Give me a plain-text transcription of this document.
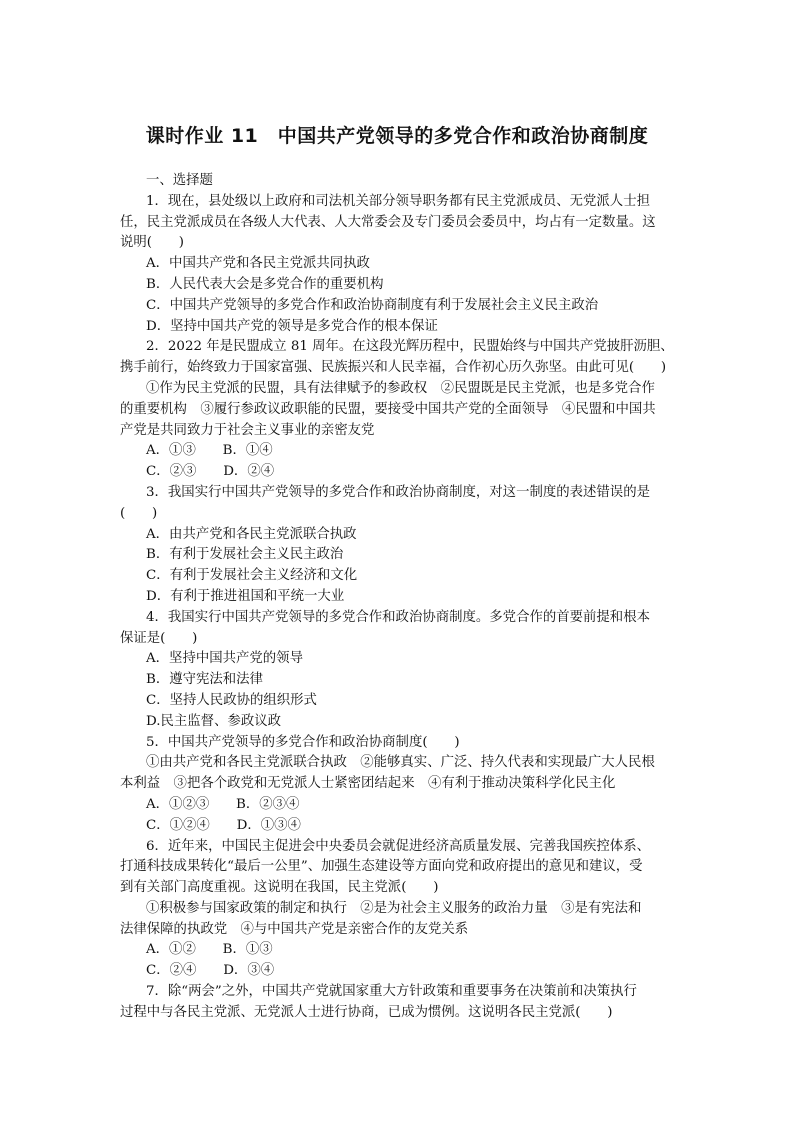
课时作业 11　中国共产党领导的多党合作和政治协商制度
一、选择题
1．现在，县处级以上政府和司法机关部分领导职务都有民主党派成员、无党派人士担
任，民主党派成员在各级人大代表、人大常委会及专门委员会委员中，均占有一定数量。这
说明(　　)
A．中国共产党和各民主党派共同执政
B．人民代表大会是多党合作的重要机构
C．中国共产党领导的多党合作和政治协商制度有利于发展社会主义民主政治
D．坚持中国共产党的领导是多党合作的根本保证
2．2022 年是民盟成立 81 周年。在这段光辉历程中，民盟始终与中国共产党披肝沥胆、
携手前行，始终致力于国家富强、民族振兴和人民幸福，合作初心历久弥坚。由此可见(　　)
①作为民主党派的民盟，具有法律赋予的参政权　②民盟既是民主党派，也是多党合作
的重要机构　③履行参政议政职能的民盟，要接受中国共产党的全面领导　④民盟和中国共
产党是共同致力于社会主义事业的亲密友党
A．①③　　B．①④
C．②③　　D．②④
3．我国实行中国共产党领导的多党合作和政治协商制度，对这一制度的表述错误的是
(　　)
A．由共产党和各民主党派联合执政
B．有利于发展社会主义民主政治
C．有利于发展社会主义经济和文化
D．有利于推进祖国和平统一大业
4．我国实行中国共产党领导的多党合作和政治协商制度。多党合作的首要前提和根本
保证是(　　)
A．坚持中国共产党的领导
B．遵守宪法和法律
C．坚持人民政协的组织形式
D.民主监督、参政议政
5．中国共产党领导的多党合作和政治协商制度(　　)
①由共产党和各民主党派联合执政　②能够真实、广泛、持久代表和实现最广大人民根
本利益　③把各个政党和无党派人士紧密团结起来　④有利于推动决策科学化民主化
A．①②③　　B．②③④
C．①②④　　D．①③④
6．近年来，中国民主促进会中央委员会就促进经济高质量发展、完善我国疾控体系、
打通科技成果转化“最后一公里”、加强生态建设等方面向党和政府提出的意见和建议，受
到有关部门高度重视。这说明在我国，民主党派(　　)
①积极参与国家政策的制定和执行　②是为社会主义服务的政治力量　③是有宪法和
法律保障的执政党　④与中国共产党是亲密合作的友党关系
A．①②　　B．①③
C．②④　　D．③④
7．除“两会”之外，中国共产党就国家重大方针政策和重要事务在决策前和决策执行
过程中与各民主党派、无党派人士进行协商，已成为惯例。这说明各民主党派(　　)
